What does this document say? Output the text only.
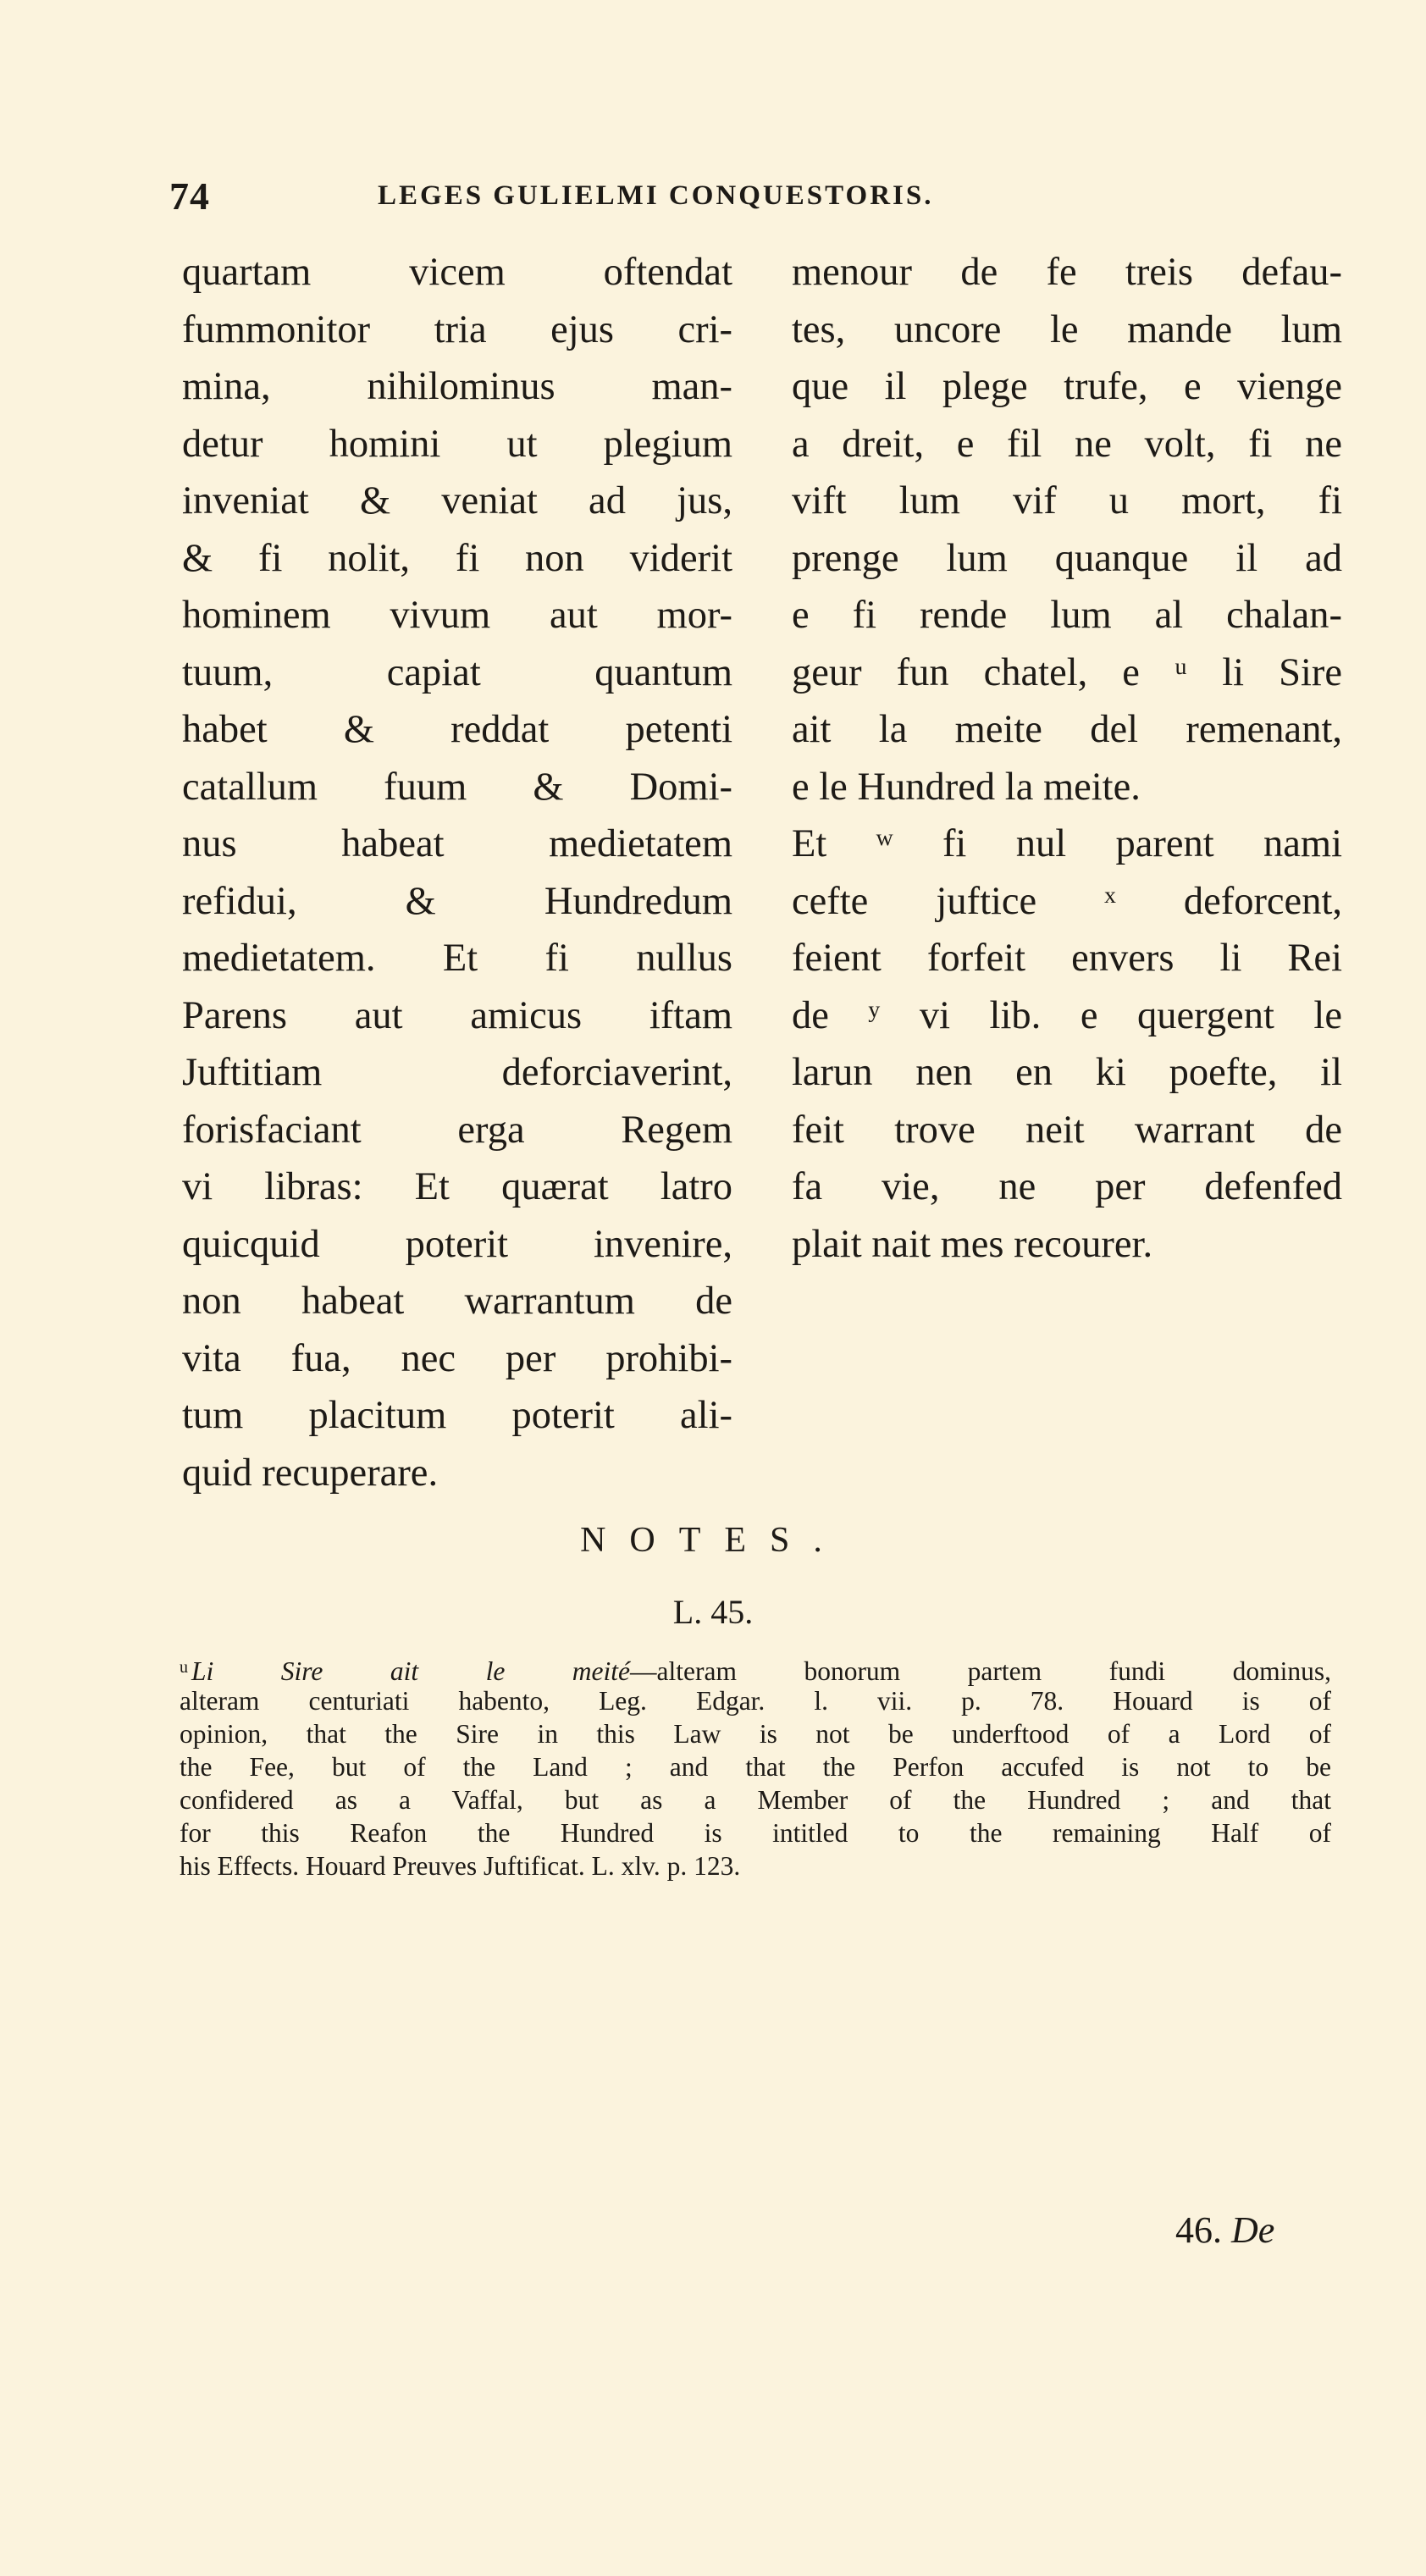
74	LEGES GULIELMI CONQUESTORIS.
quartam vicem oftendat
fummonitor tria ejus cri-
mina, nihilominus man-
detur homini ut plegium
inveniat & veniat ad jus,
& fi nolit, fi non viderit
hominem vivum aut mor-
tuum, capiat quantum
habet & reddat petenti
catallum fuum & Domi-
nus habeat medietatem
refidui, & Hundredum
medietatem. Et fi nullus
Parens aut amicus iftam
Juftitiam deforciaverint,
forisfaciant erga Regem
vi libras: Et quærat latro
quicquid poterit invenire,
non habeat warrantum de
vita fua, nec per prohibi-
tum placitum poterit ali-
quid recuperare.
menour de fe treis defau-
tes, uncore le mande lum
que il plege trufe, e vienge
a dreit, e fil ne volt, fi ne
vift lum vif u mort, fi
prenge lum quanque il ad
e fi rende lum al chalan-
geur fun chatel, e ᵘ li Sire
ait la meite del remenant,
e le Hundred la meite.
Et ʷ fi nul parent nami
cefte juftice ˣ deforcent,
feient forfeit envers li Rei
de ʸ vi lib. e quergent le
larun nen en ki poefte, il
feit trove neit warrant de
fa vie, ne per defenfed
plait nait mes recourer.
NOTES.
L. 45.
$^u$ Li Sire ait le meité—alteram bonorum partem fundi dominus,
alteram centuriati habento, Leg. Edgar. l. vii. p. 78. Houard is of
opinion, that the Sire in this Law is not be underftood of a Lord of
the Fee, but of the Land ; and that the Perfon accufed is not to be
confidered as a Vaffal, but as a Member of the Hundred ; and that
for this Reafon the Hundred is intitled to the remaining Half of
his Effects. Houard Preuves Juftificat. L. xlv. p. 123.
46. De
